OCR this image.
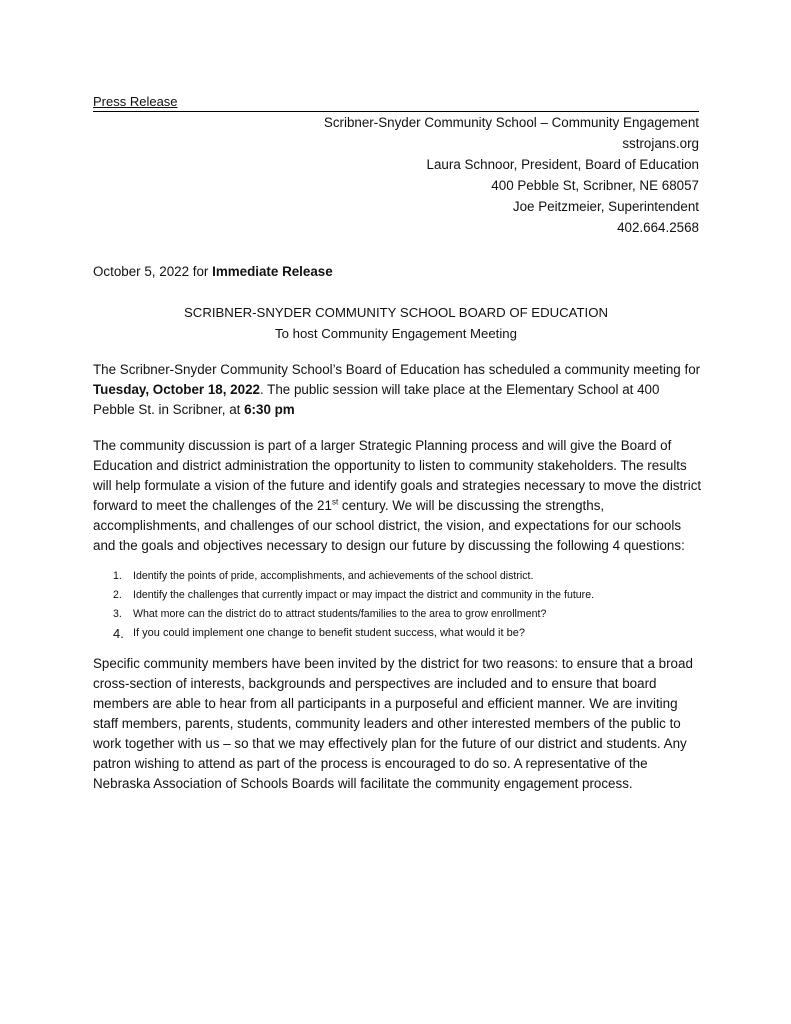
Press Release
Scribner-Snyder Community School – Community Engagement
sstrojans.org
Laura Schnoor, President, Board of Education
400 Pebble St, Scribner, NE 68057
Joe Peitzmeier, Superintendent
402.664.2568
October 5, 2022 for Immediate Release
SCRIBNER-SNYDER COMMUNITY SCHOOL BOARD OF EDUCATION
To host Community Engagement Meeting
The Scribner-Snyder Community School’s Board of Education has scheduled a community meeting for Tuesday, October 18, 2022. The public session will take place at the Elementary School at 400 Pebble St. in Scribner, at 6:30 pm
The community discussion is part of a larger Strategic Planning process and will give the Board of Education and district administration the opportunity to listen to community stakeholders. The results will help formulate a vision of the future and identify goals and strategies necessary to move the district forward to meet the challenges of the 21st century. We will be discussing the strengths, accomplishments, and challenges of our school district, the vision, and expectations for our schools and the goals and objectives necessary to design our future by discussing the following 4 questions:
1.	Identify the points of pride, accomplishments, and achievements of the school district.
2.	Identify the challenges that currently impact or may impact the district and community in the future.
3.	What more can the district do to attract students/families to the area to grow enrollment?
4. If you could implement one change to benefit student success, what would it be?
Specific community members have been invited by the district for two reasons: to ensure that a broad cross-section of interests, backgrounds and perspectives are included and to ensure that board members are able to hear from all participants in a purposeful and efficient manner. We are inviting staff members, parents, students, community leaders and other interested members of the public to work together with us – so that we may effectively plan for the future of our district and students. Any patron wishing to attend as part of the process is encouraged to do so. A representative of the Nebraska Association of Schools Boards will facilitate the community engagement process.
